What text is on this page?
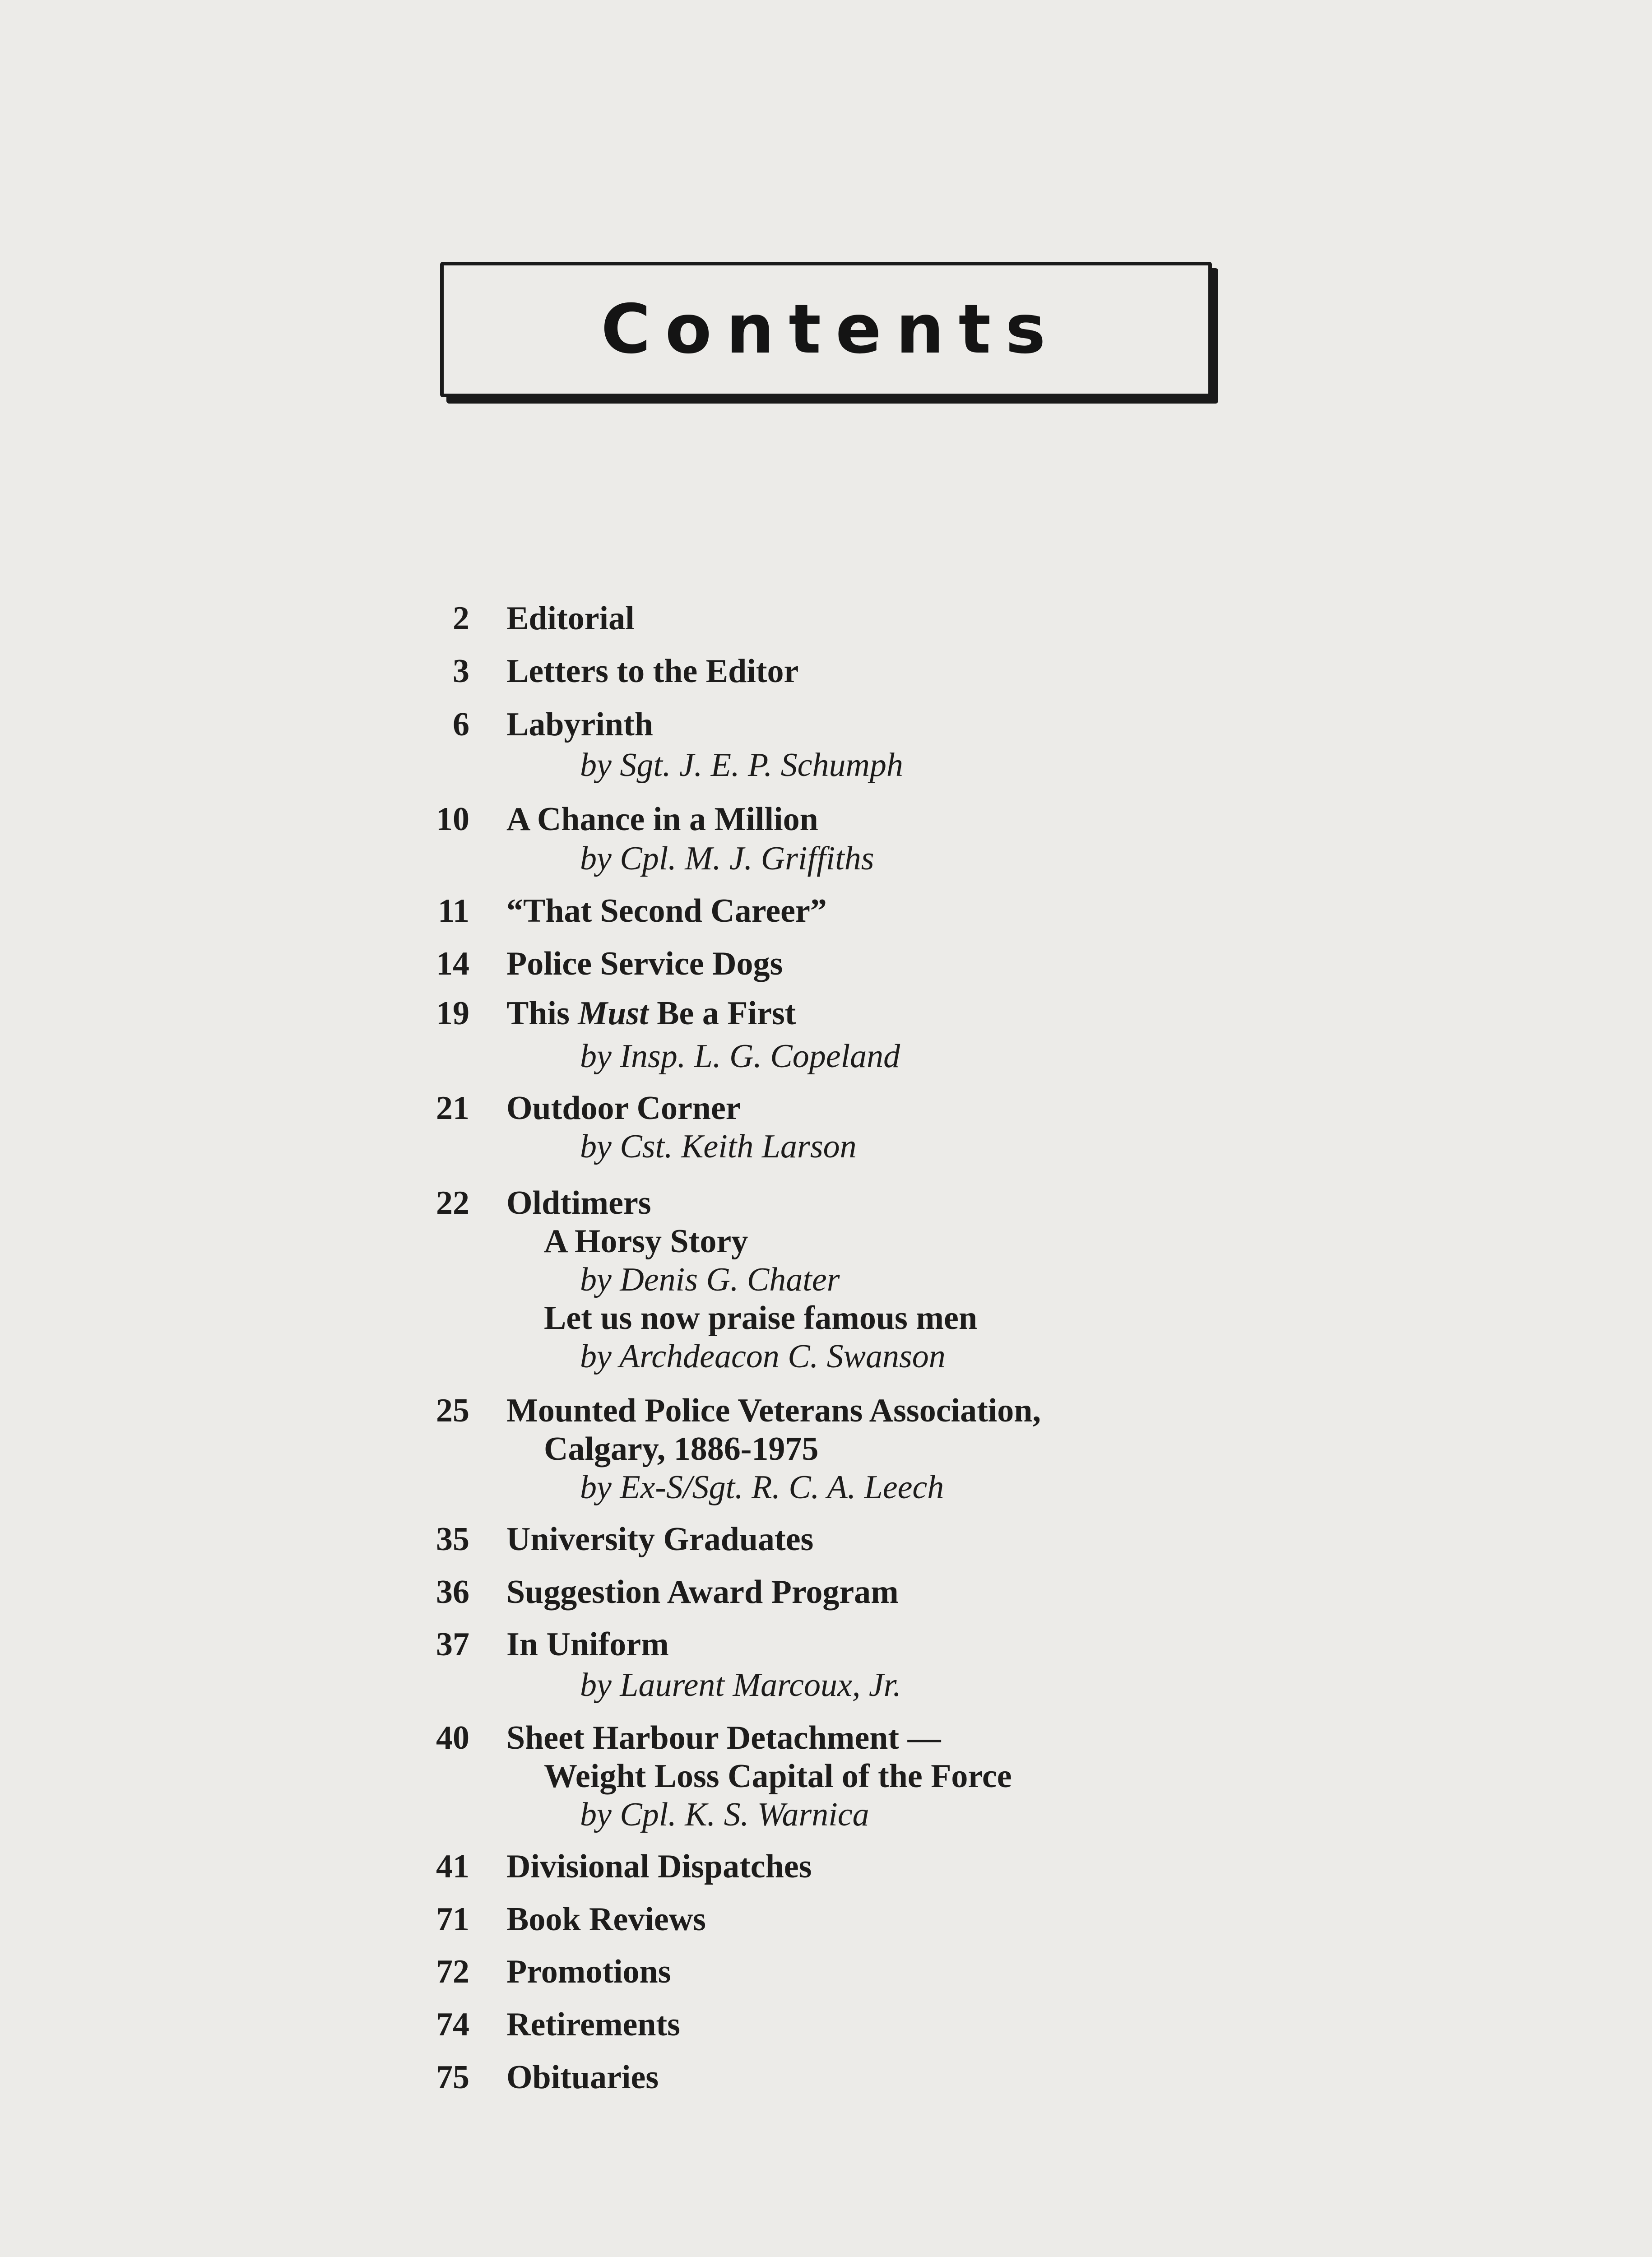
Contents
2 Editorial
3 Letters to the Editor
6 Labyrinth
by Sgt. J. E. P. Schumph
10 A Chance in a Million
by Cpl. M. J. Griffiths
11 “That Second Career”
14 Police Service Dogs
19 This Must Be a First
by Insp. L. G. Copeland
21 Outdoor Corner
by Cst. Keith Larson
22 Oldtimers
A Horsy Story
by Denis G. Chater
Let us now praise famous men
by Archdeacon C. Swanson
25 Mounted Police Veterans Association,
Calgary, 1886-1975
by Ex-S/Sgt. R. C. A. Leech
35 University Graduates
36 Suggestion Award Program
37 In Uniform
by Laurent Marcoux, Jr.
40 Sheet Harbour Detachment —
Weight Loss Capital of the Force
by Cpl. K. S. Warnica
41 Divisional Dispatches
71 Book Reviews
72 Promotions
74 Retirements
75 Obituaries
